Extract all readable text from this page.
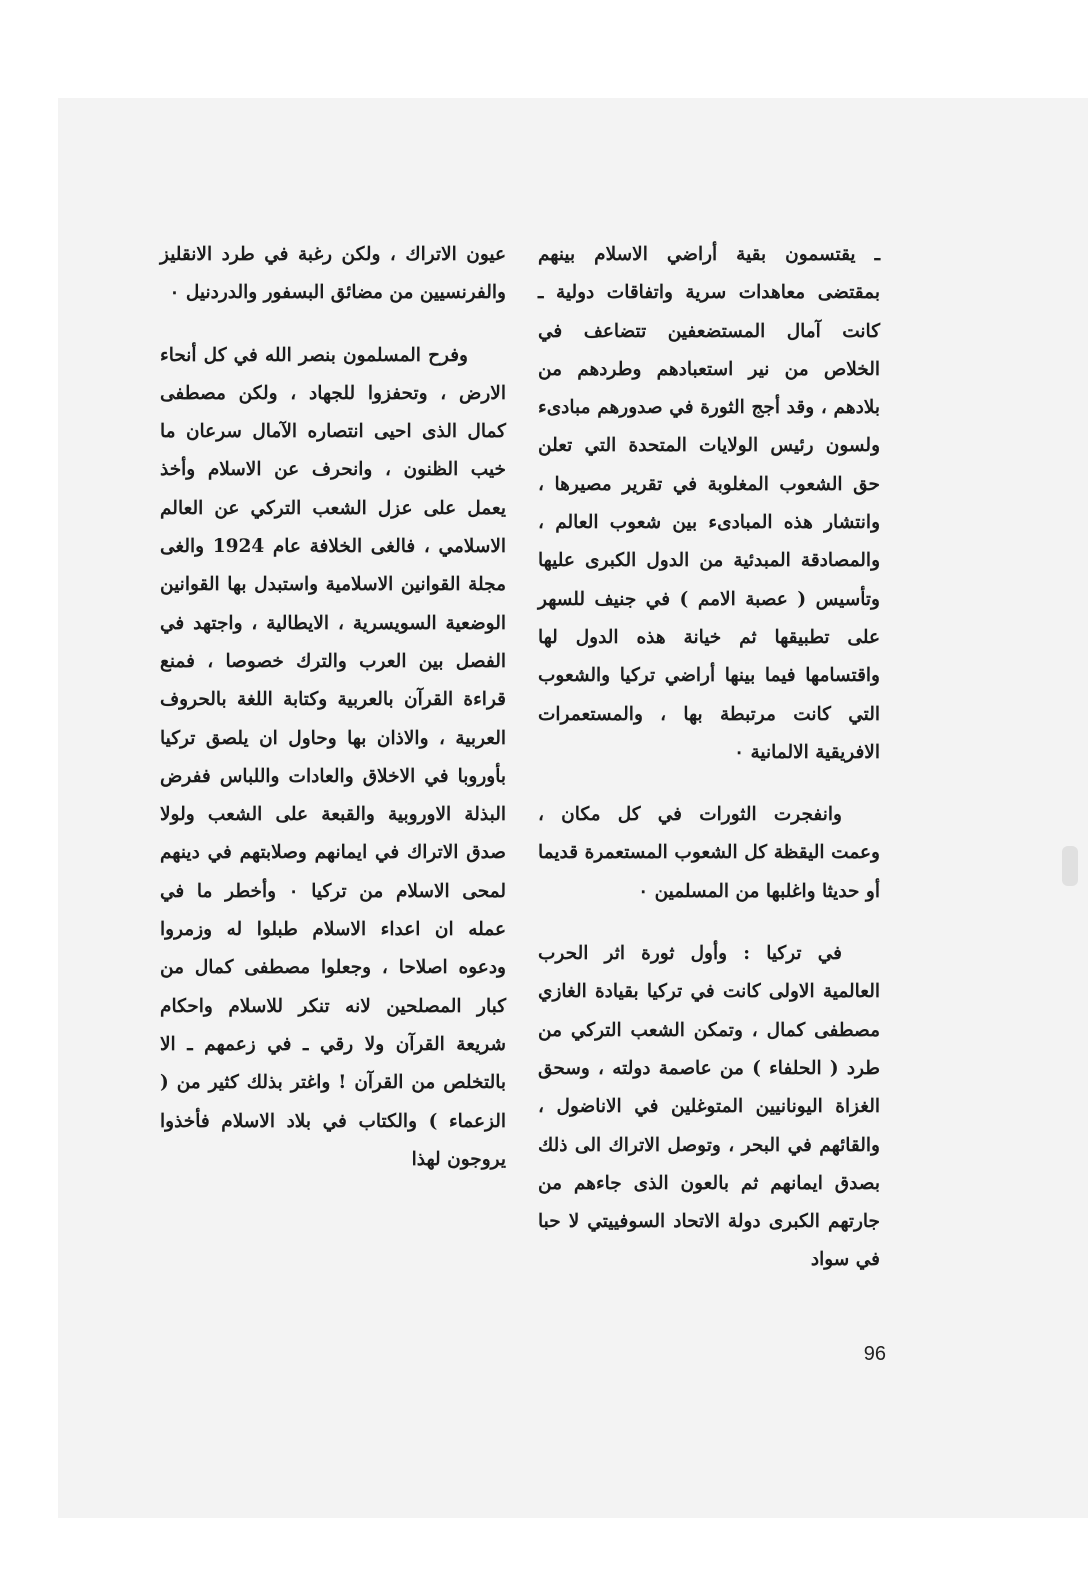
ـ يقتسمون بقية أراضي الاسلام بينهم بمقتضى معاهدات سرية واتفاقات دولية ـ كانت آمال المستضعفين تتضاعف في الخلاص من نير استعبادهم وطردهم من بلادهم ، وقد أجج الثورة في صدورهم مبادىء ولسون رئيس الولايات المتحدة التي تعلن حق الشعوب المغلوبة في تقرير مصيرها ، وانتشار هذه المبادىء بين شعوب العالم ، والمصادقة المبدئية من الدول الكبرى عليها وتأسيس ( عصبة الامم ) في جنيف للسهر على تطبيقها ثم خيانة هذه الدول لها واقتسامها فيما بينها أراضي تركيا والشعوب التي كانت مرتبطة بها ، والمستعمرات الافريقية الالمانية ٠

وانفجرت الثورات في كل مكان ، وعمت اليقظة كل الشعوب المستعمرة قديما أو حديثا واغلبها من المسلمين ٠

في تركيا : وأول ثورة اثر الحرب العالمية الاولى كانت في تركيا بقيادة الغازي مصطفى كمال ، وتمكن الشعب التركي من طرد ( الحلفاء ) من عاصمة دولته ، وسحق الغزاة اليونانيين المتوغلين في الاناضول ، والقائهم في البحر ، وتوصل الاتراك الى ذلك بصدق ايمانهم ثم بالعون الذى جاءهم من جارتهم الكبرى دولة الاتحاد السوفييتي لا حبا في سواد

عيون الاتراك ، ولكن رغبة في طرد الانقليز والفرنسيين من مضائق البسفور والدردنيل ٠

وفرح المسلمون بنصر الله في كل أنحاء الارض ، وتحفزوا للجهاد ، ولكن مصطفى كمال الذى احيى انتصاره الآمال سرعان ما خيب الظنون ، وانحرف عن الاسلام وأخذ يعمل على عزل الشعب التركي عن العالم الاسلامي ، فالغى الخلافة عام 1924 والغى مجلة القوانين الاسلامية واستبدل بها القوانين الوضعية السويسرية ، الايطالية ، واجتهد في الفصل بين العرب والترك خصوصا ، فمنع قراءة القرآن بالعربية وكتابة اللغة بالحروف العربية ، والاذان بها وحاول ان يلصق تركيا بأوروبا في الاخلاق والعادات واللباس ففرض البذلة الاوروبية والقبعة على الشعب ولولا صدق الاتراك في ايمانهم وصلابتهم في دينهم لمحى الاسلام من تركيا ٠ وأخطر ما في عمله ان اعداء الاسلام طبلوا له وزمروا ودعوه اصلاحا ، وجعلوا مصطفى كمال من كبار المصلحين لانه تنكر للاسلام واحكام شريعة القرآن ولا رقي ـ في زعمهم ـ الا بالتخلص من القرآن ! واغتر بذلك كثير من ( الزعماء ) والكتاب في بلاد الاسلام فأخذوا يروجون لهذا

96
